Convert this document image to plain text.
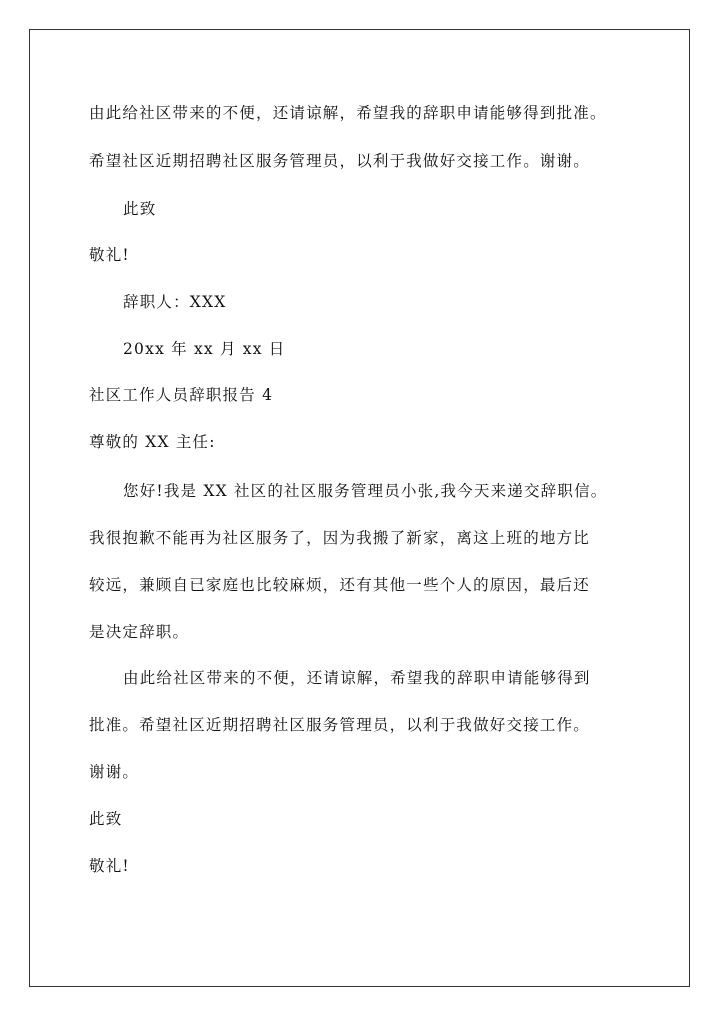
由此给社区带来的不便，还请谅解，希望我的辞职申请能够得到批准。
希望社区近期招聘社区服务管理员，以利于我做好交接工作。谢谢。
此致
敬礼!
辞职人：XXX
20xx 年 xx 月 xx 日
社区工作人员辞职报告 4
尊敬的 XX 主任:
您好!我是 XX 社区的社区服务管理员小张,我今天来递交辞职信。
我很抱歉不能再为社区服务了，因为我搬了新家，离这上班的地方比
较远，兼顾自已家庭也比较麻烦，还有其他一些个人的原因，最后还
是决定辞职。
由此给社区带来的不便，还请谅解，希望我的辞职申请能够得到
批准。希望社区近期招聘社区服务管理员，以利于我做好交接工作。
谢谢。
此致
敬礼!
